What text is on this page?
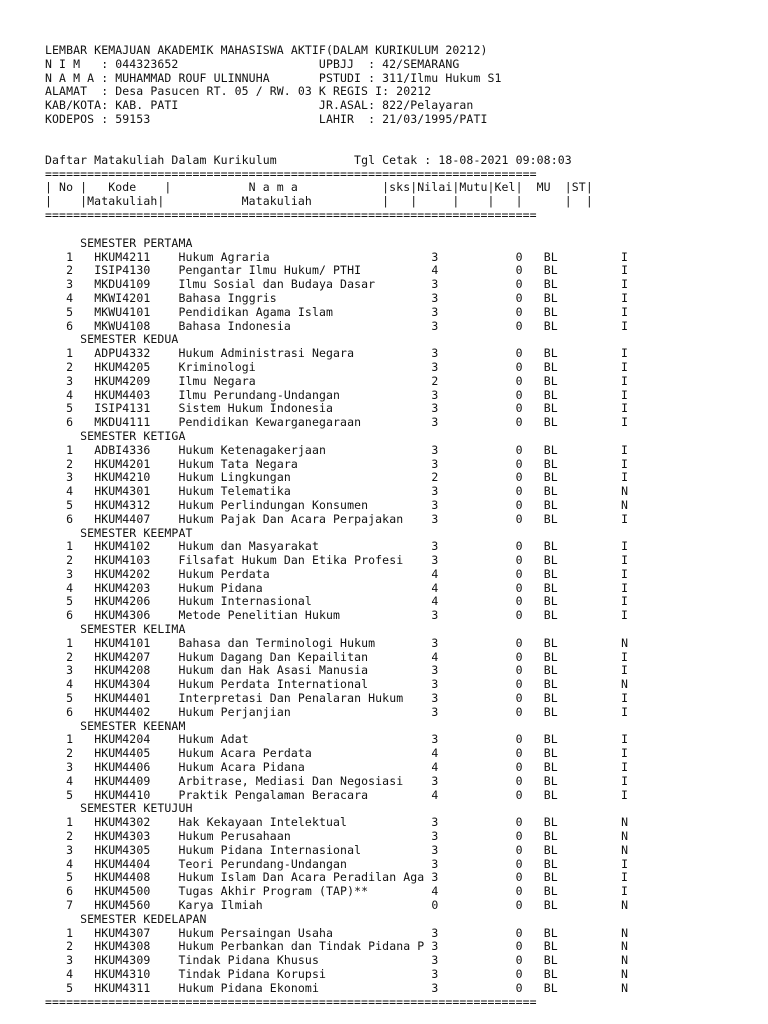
LEMBAR KEMAJUAN AKADEMIK MAHASISWA AKTIF(DALAM KURIKULUM 20212)
N I M   : 044323652                    UPBJJ  : 42/SEMARANG
N A M A : MUHAMMAD ROUF ULINNUHA       PSTUDI : 311/Ilmu Hukum S1
ALAMAT  : Desa Pasucen RT. 05 / RW. 03 K REGIS I: 20212
KAB/KOTA: KAB. PATI                    JR.ASAL: 822/Pelayaran
KODEPOS : 59153                        LAHIR  : 21/03/1995/PATI
Daftar Matakuliah Dalam Kurikulum	Tgl Cetak : 18-08-2021 09:08:03
======================================================================
| No |   Kode    |           N a m a            |sks|Nilai|Mutu|Kel|  MU  |ST|
|    |Matakuliah|           Matakuliah          |   |     |    |   |      |  |
======================================================================
SEMESTER PERTAMA
1 HKUM4211 Hukum Agraria	3	0 BL	I
2 ISIP4130 Pengantar Ilmu Hukum/ PTHI	4	0 BL	I
3 MKDU4109 Ilmu Sosial dan Budaya Dasar	3	0 BL	I
4 MKWI4201 Bahasa Inggris	3	0 BL	I
5 MKWU4101 Pendidikan Agama Islam	3	0 BL	I
6 MKWU4108 Bahasa Indonesia	3	0 BL	I
SEMESTER KEDUA
1 ADPU4332 Hukum Administrasi Negara	3	0 BL	I
2 HKUM4205 Kriminologi	3	0 BL	I
3 HKUM4209 Ilmu Negara	2	0 BL	I
4 HKUM4403 Ilmu Perundang-Undangan	3	0 BL	I
5 ISIP4131 Sistem Hukum Indonesia	3	0 BL	I
6 MKDU4111 Pendidikan Kewarganegaraan	3	0 BL	I
SEMESTER KETIGA
1 ADBI4336 Hukum Ketenagakerjaan	3	0 BL	I
2 HKUM4201 Hukum Tata Negara	3	0 BL	I
3 HKUM4210 Hukum Lingkungan	2	0 BL	I
4 HKUM4301 Hukum Telematika	3	0 BL	N
5 HKUM4312 Hukum Perlindungan Konsumen	3	0 BL	N
6 HKUM4407 Hukum Pajak Dan Acara Perpajakan 3	0 BL	I
SEMESTER KEEMPAT
1 HKUM4102 Hukum dan Masyarakat	3	0 BL	I
2 HKUM4103 Filsafat Hukum Dan Etika Profesi 3	0 BL	I
3 HKUM4202 Hukum Perdata	4	0 BL	I
4 HKUM4203 Hukum Pidana	4	0 BL	I
5 HKUM4206 Hukum Internasional	4	0 BL	I
6 HKUM4306 Metode Penelitian Hukum	3	0 BL	I
SEMESTER KELIMA
1 HKUM4101 Bahasa dan Terminologi Hukum	3	0 BL	N
2 HKUM4207 Hukum Dagang Dan Kepailitan	4	0 BL	I
3 HKUM4208 Hukum dan Hak Asasi Manusia	3	0 BL	I
4 HKUM4304 Hukum Perdata International	3	0 BL	N
5 HKUM4401 Interpretasi Dan Penalaran Hukum 3	0 BL	I
6 HKUM4402 Hukum Perjanjian	3	0 BL	I
SEMESTER KEENAM
1 HKUM4204 Hukum Adat	3	0 BL	I
2 HKUM4405 Hukum Acara Perdata	4	0 BL	I
3 HKUM4406 Hukum Acara Pidana	4	0 BL	I
4 HKUM4409 Arbitrase, Mediasi Dan Negosiasi 3	0 BL	I
5 HKUM4410 Praktik Pengalaman Beracara	4	0 BL	I
SEMESTER KETUJUH
1 HKUM4302 Hak Kekayaan Intelektual	3	0 BL	N
2 HKUM4303 Hukum Perusahaan	3	0 BL	N
3 HKUM4305 Hukum Pidana Internasional	3	0 BL	N
4 HKUM4404 Teori Perundang-Undangan	3	0 BL	I
5 HKUM4408 Hukum Islam Dan Acara Peradilan Aga 3	0 BL	I
6 HKUM4500 Tugas Akhir Program (TAP)**	4	0 BL	I
7 HKUM4560 Karya Ilmiah	0	0 BL	N
SEMESTER KEDELAPAN
1 HKUM4307 Hukum Persaingan Usaha	3	0 BL	N
2 HKUM4308 Hukum Perbankan dan Tindak Pidana P 3	0 BL	N
3 HKUM4309 Tindak Pidana Khusus	3	0 BL	N
4 HKUM4310 Tindak Pidana Korupsi	3	0 BL	N
5 HKUM4311 Hukum Pidana Ekonomi	3	0 BL	N
======================================================================
